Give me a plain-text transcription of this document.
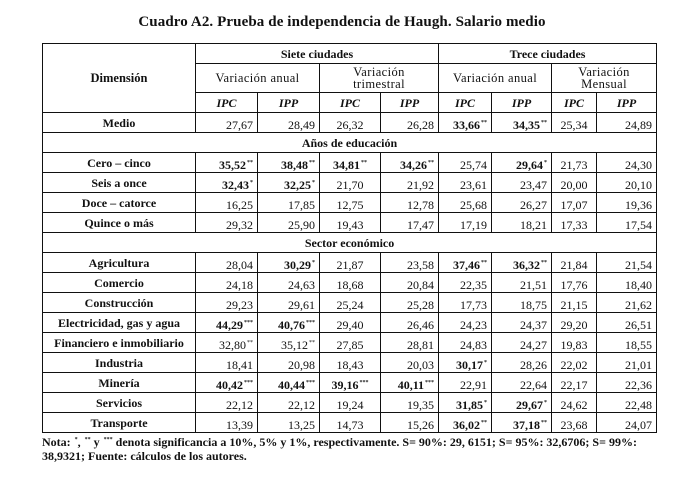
Cuadro A2. Prueba de independencia de Haugh. Salario medio
Dimensión	Siete ciudades				Trece ciudades			
	Variación anual		Variación
trimestral		Variación anual		Variación
Mensual	
	IPC	IPP	IPC	IPP	IPC	IPP	IPC	IPP
Medio	27,67	28,49	26,32	26,28	33,66**	34,35**	25,34	24,89
Años de educación								
Cero – cinco	35,52**	38,48**	34,81**	34,26**	25,74	29,64*	21,73	24,30
Seis a once	32,43*	32,25*	21,70	21,92	23,61	23,47	20,00	20,10
Doce – catorce	16,25	17,85	12,75	12,78	25,68	26,27	17,07	19,36
Quince o más	29,32	25,90	19,43	17,47	17,19	18,21	17,33	17,54
Sector económico								
Agricultura	28,04	30,29*	21,87	23,58	37,46**	36,32**	21,84	21,54
Comercio	24,18	24,63	18,68	20,84	22,35	21,51	17,76	18,40
Construcción	29,23	29,61	25,24	25,28	17,73	18,75	21,15	21,62
Electricidad, gas y agua	44,29***	40,76***	29,40	26,46	24,23	24,37	29,20	26,51
Financiero e inmobiliario	32,80**	35,12**	27,85	28,81	24,83	24,27	19,83	18,55
Industria	18,41	20,98	18,43	20,03	30,17*	28,26	22,02	21,01
Minería	40,42***	40,44***	39,16***	40,11***	22,91	22,64	22,17	22,36
Servicios	22,12	22,12	19,24	19,35	31,85*	29,67*	24,62	22,48
Transporte	13,39	13,25	14,73	15,26	36,02**	37,18**	23,68	24,07
Nota: *, ** y *** denota significancia a 10%, 5% y 1%, respectivamente. S= 90%: 29, 6151; S= 95%: 32,6706; S= 99%: 38,9321; Fuente: cálculos de los autores.
